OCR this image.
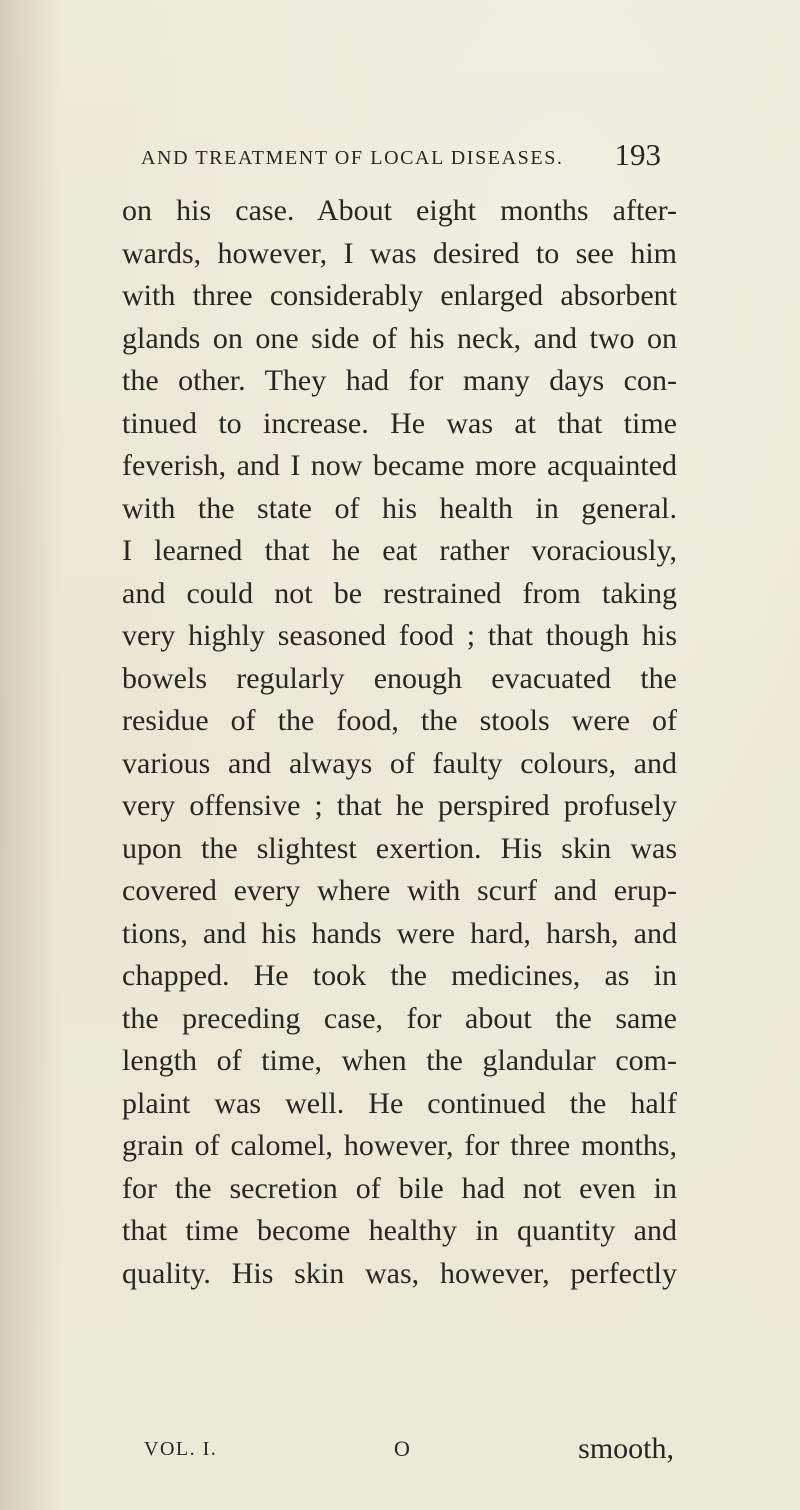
AND TREATMENT OF LOCAL DISEASES. 193
on his case. About eight months after-
wards, however, I was desired to see him
with three considerably enlarged absorbent
glands on one side of his neck, and two on
the other. They had for many days con-
tinued to increase. He was at that time
feverish, and I now became more acquainted
with the state of his health in general.
I learned that he eat rather voraciously,
and could not be restrained from taking
very highly seasoned food ; that though his
bowels regularly enough evacuated the
residue of the food, the stools were of
various and always of faulty colours, and
very offensive ; that he perspired profusely
upon the slightest exertion. His skin was
covered every where with scurf and erup-
tions, and his hands were hard, harsh, and
chapped. He took the medicines, as in
the preceding case, for about the same
length of time, when the glandular com-
plaint was well. He continued the half
grain of calomel, however, for three months,
for the secretion of bile had not even in
that time become healthy in quantity and
quality. His skin was, however, perfectly
VOL. I.	O	smooth,
